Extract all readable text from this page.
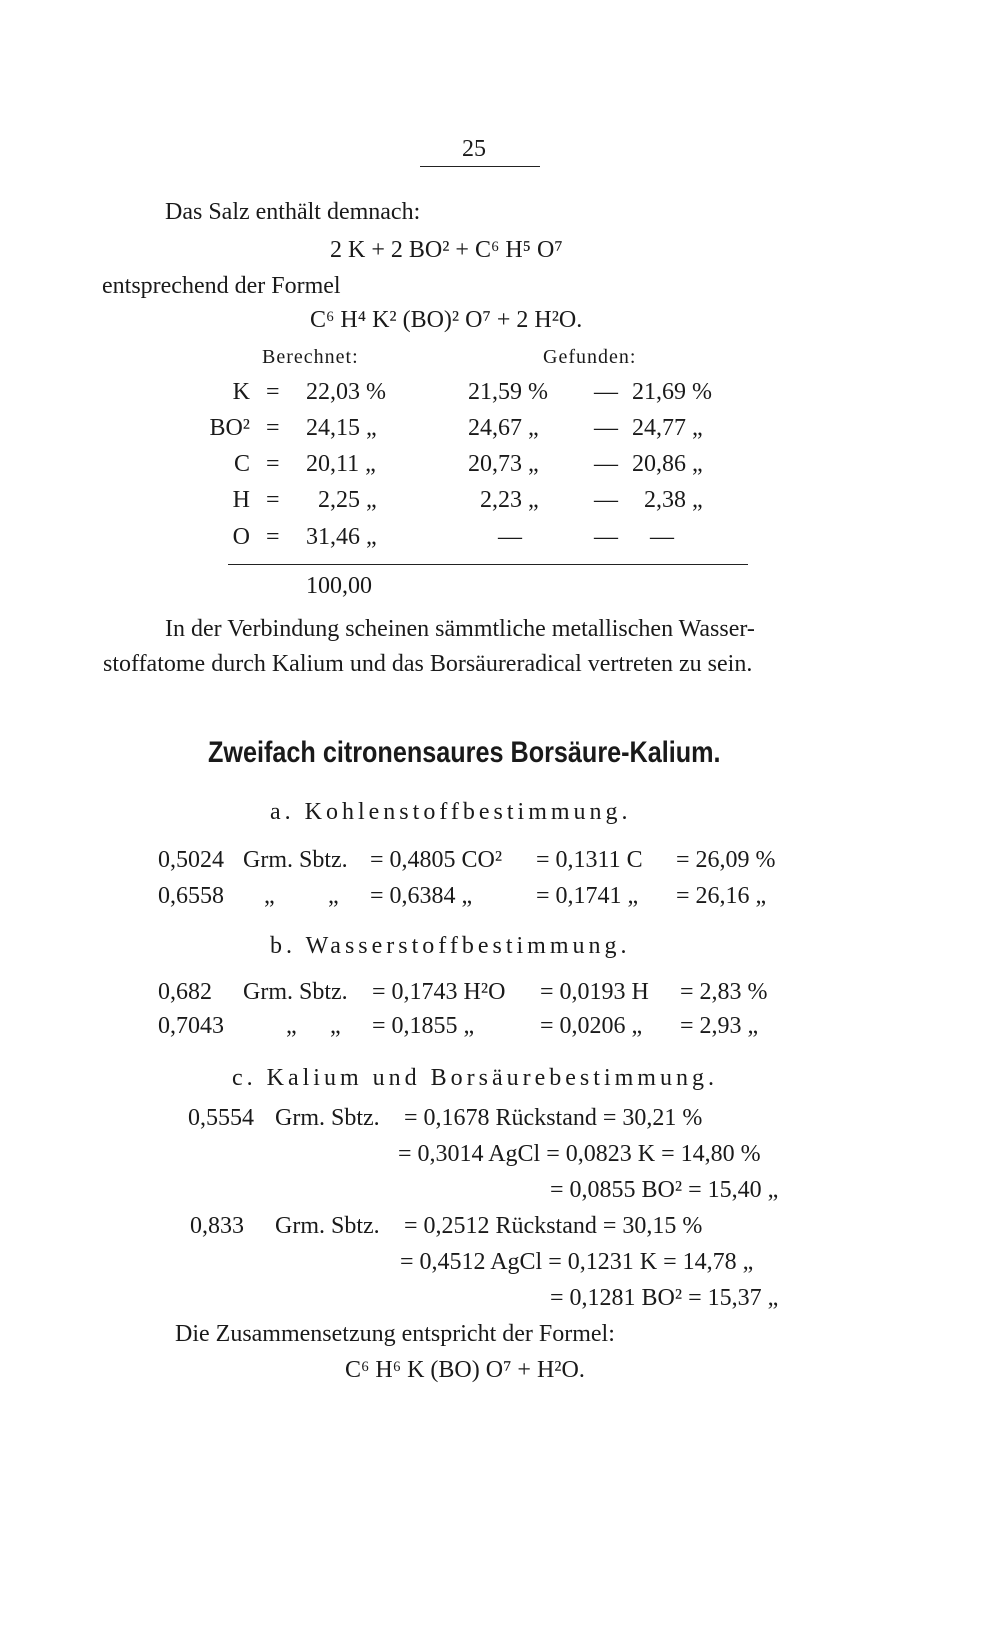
25
Das Salz enthält demnach:
2 K + 2 BO² + C⁶ H⁵ O⁷
entsprechend der Formel
C⁶ H⁴ K² (BO)² O⁷ + 2 H²O.
Berechnet:	Gefunden:
K = 22,03 %	21,59 % — 21,69 %
BO² = 24,15 „	24,67 „ — 24,77 „
C = 20,11 „	20,73 „ — 20,86 „
H = 2,25 „	2,23 „ — 2,38 „
O = 31,46 „	—	— —
100,00
In der Verbindung scheinen sämmtliche metallischen Wasser-
stoffatome durch Kalium und das Borsäureradical vertreten zu sein.
Zweifach citronensaures Borsäure-Kalium.
a. Kohlenstoffbestimmung.
0,5024 Grm. Sbtz. = 0,4805 CO² = 0,1311 C = 26,09 %
0,6558 „ „ = 0,6384 „	= 0,1741 „ = 26,16 „
b. Wasserstoffbestimmung.
0,682 Grm. Sbtz. = 0,1743 H²O = 0,0193 H = 2,83 %
0,7043	„ „ = 0,1855 „	= 0,0206 „ = 2,93 „
c. Kalium und Borsäurebestimmung.
0,5554 Grm. Sbtz. = 0,1678 Rückstand = 30,21 %
= 0,3014 AgCl = 0,0823 K = 14,80 %
= 0,0855 BO² = 15,40 „
0,833 Grm. Sbtz. = 0,2512 Rückstand = 30,15 %
= 0,4512 AgCl = 0,1231 K = 14,78 „
= 0,1281 BO² = 15,37 „
Die Zusammensetzung entspricht der Formel:
C⁶ H⁶ K (BO) O⁷ + H²O.
